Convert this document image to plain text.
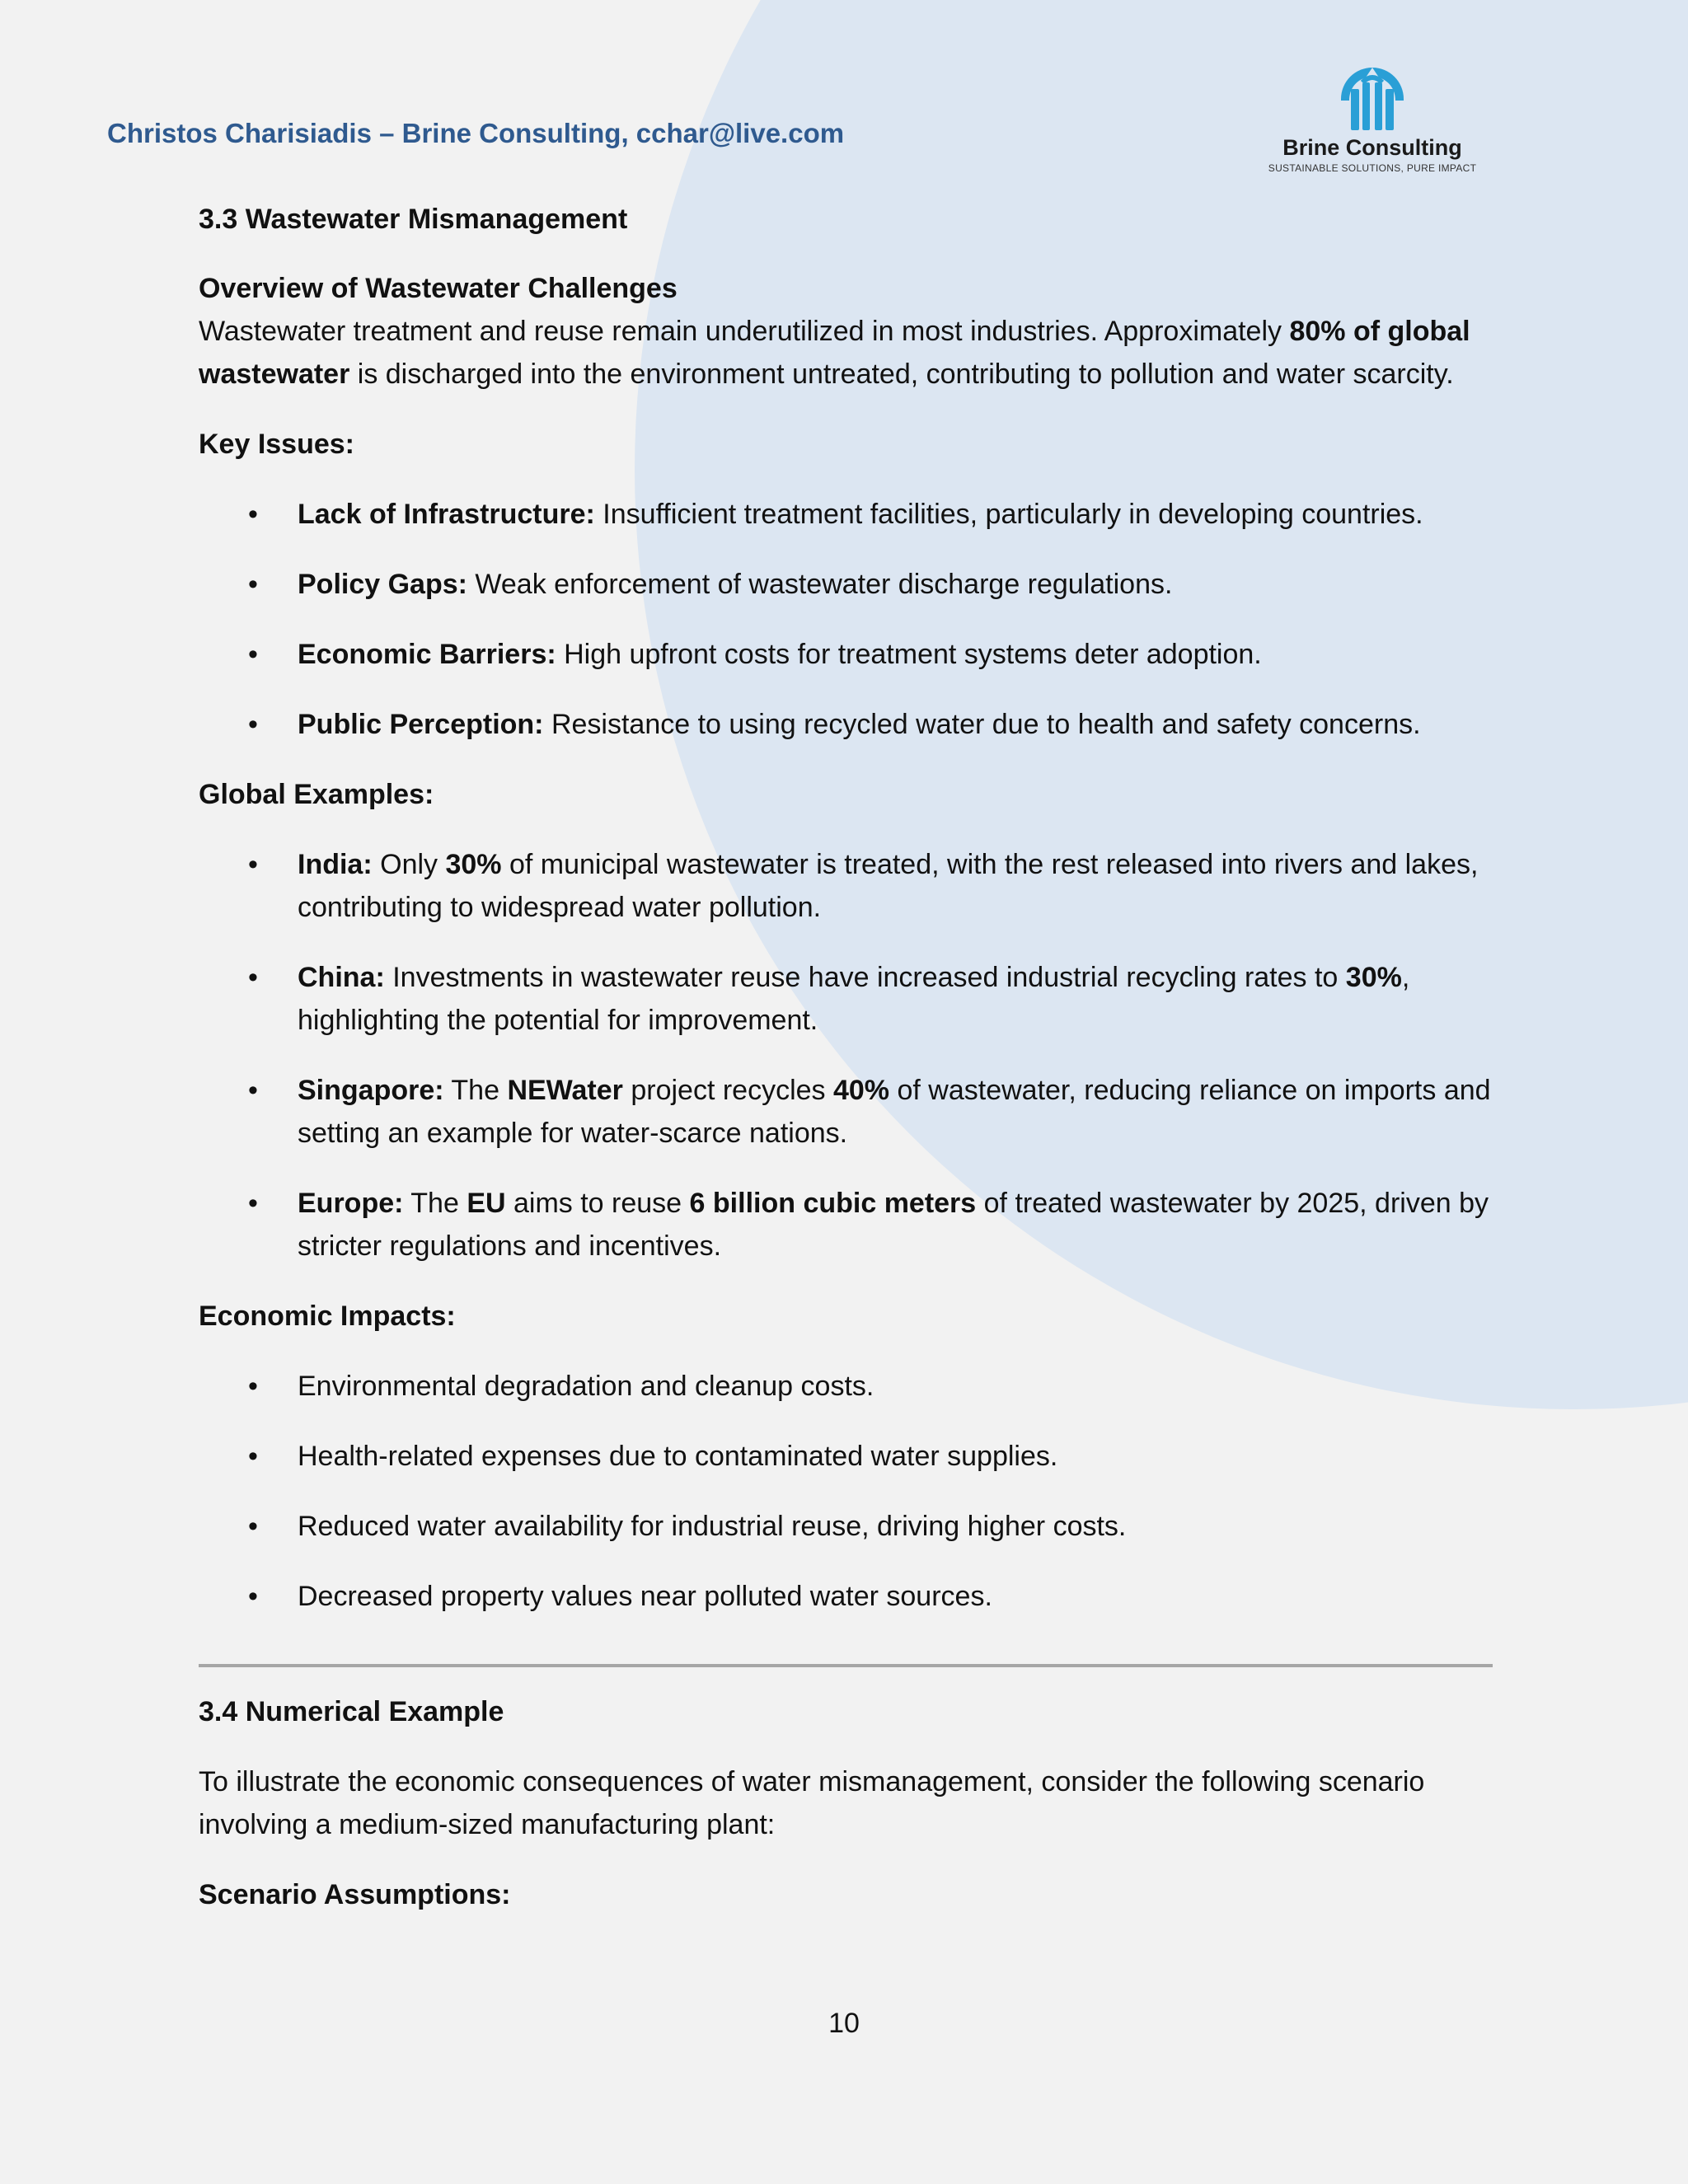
Christos Charisiadis – Brine Consulting, cchar@live.com	Brine Consulting
SUSTAINABLE SOLUTIONS, PURE IMPACT

3.3 Wastewater Mismanagement

Overview of Wastewater Challenges

Wastewater treatment and reuse remain underutilized in most industries. Approximately 80% of global wastewater is discharged into the environment untreated, contributing to pollution and water scarcity.

Key Issues:

• Lack of Infrastructure: Insufficient treatment facilities, particularly in developing countries.
• Policy Gaps: Weak enforcement of wastewater discharge regulations.
• Economic Barriers: High upfront costs for treatment systems deter adoption.
• Public Perception: Resistance to using recycled water due to health and safety concerns.

Global Examples:

• India: Only 30% of municipal wastewater is treated, with the rest released into rivers and lakes, contributing to widespread water pollution.
• China: Investments in wastewater reuse have increased industrial recycling rates to 30%, highlighting the potential for improvement.
• Singapore: The NEWater project recycles 40% of wastewater, reducing reliance on imports and setting an example for water-scarce nations.
• Europe: The EU aims to reuse 6 billion cubic meters of treated wastewater by 2025, driven by stricter regulations and incentives.

Economic Impacts:

• Environmental degradation and cleanup costs.
• Health-related expenses due to contaminated water supplies.
• Reduced water availability for industrial reuse, driving higher costs.
• Decreased property values near polluted water sources.

3.4 Numerical Example

To illustrate the economic consequences of water mismanagement, consider the following scenario involving a medium-sized manufacturing plant:

Scenario Assumptions:

10
